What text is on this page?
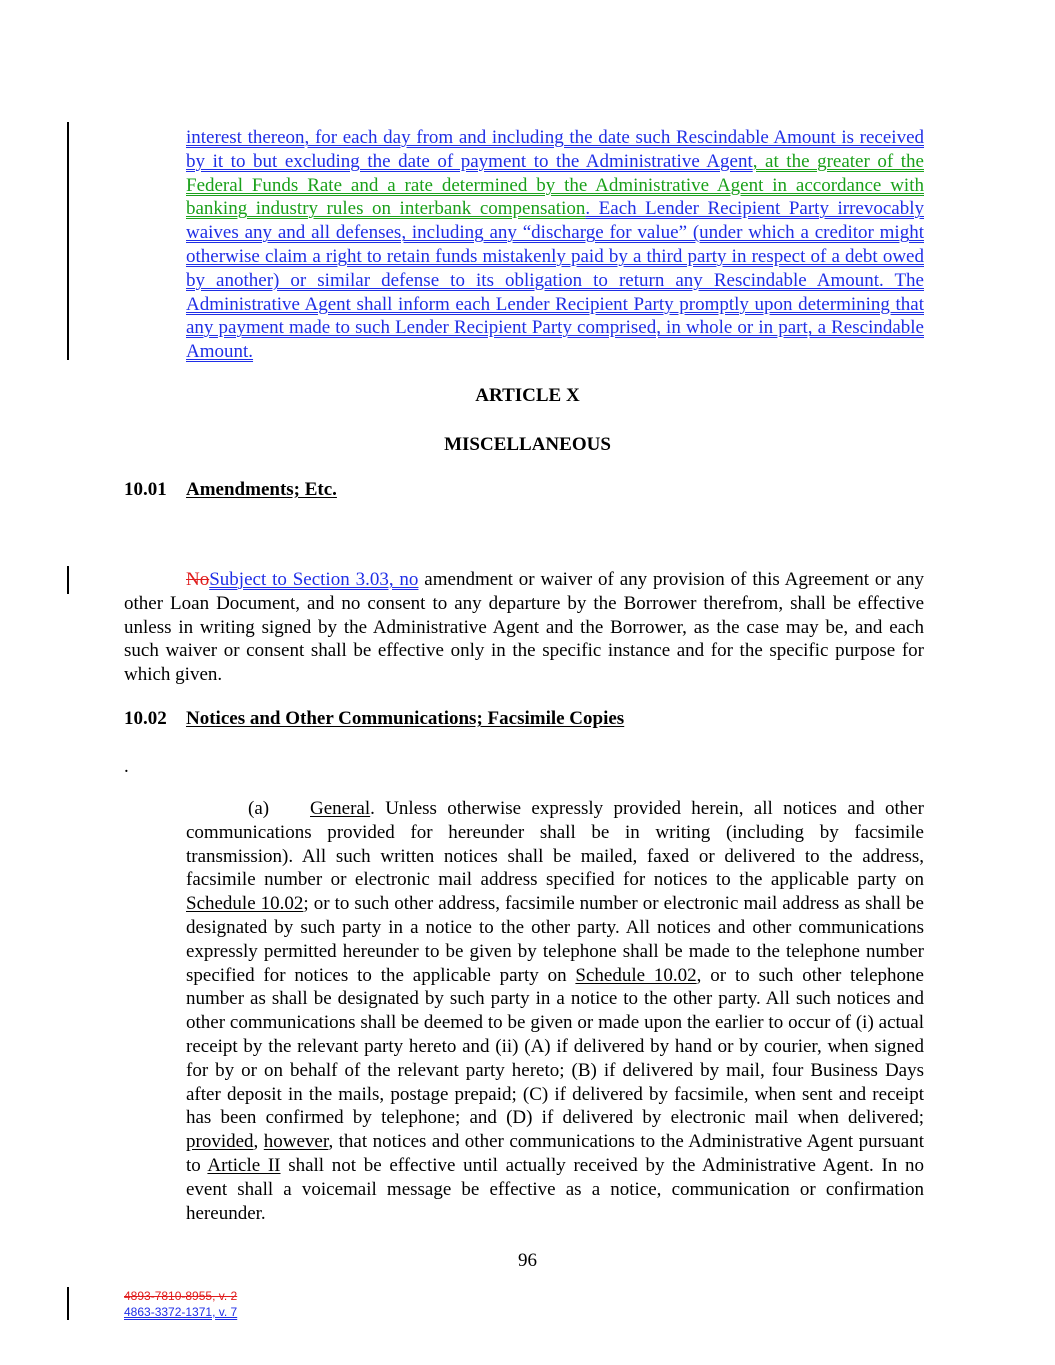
interest thereon, for each day from and including the date such Rescindable Amount is received by it to but excluding the date of payment to the Administrative Agent, at the greater of the Federal Funds Rate and a rate determined by the Administrative Agent in accordance with banking industry rules on interbank compensation. Each Lender Recipient Party irrevocably waives any and all defenses, including any “discharge for value” (under which a creditor might otherwise claim a right to retain funds mistakenly paid by a third party in respect of a debt owed by another) or similar defense to its obligation to return any Rescindable Amount. The Administrative Agent shall inform each Lender Recipient Party promptly upon determining that any payment made to such Lender Recipient Party comprised, in whole or in part, a Rescindable Amount.
ARTICLE X
MISCELLANEOUS
10.01 Amendments; Etc.
NoSubject to Section 3.03, no amendment or waiver of any provision of this Agreement or any other Loan Document, and no consent to any departure by the Borrower therefrom, shall be effective unless in writing signed by the Administrative Agent and the Borrower, as the case may be, and each such waiver or consent shall be effective only in the specific instance and for the specific purpose for which given.
10.02 Notices and Other Communications; Facsimile Copies
.
(a) General. Unless otherwise expressly provided herein, all notices and other communications provided for hereunder shall be in writing (including by facsimile transmission). All such written notices shall be mailed, faxed or delivered to the address, facsimile number or electronic mail address specified for notices to the applicable party on Schedule 10.02; or to such other address, facsimile number or electronic mail address as shall be designated by such party in a notice to the other party. All notices and other communications expressly permitted hereunder to be given by telephone shall be made to the telephone number specified for notices to the applicable party on Schedule 10.02, or to such other telephone number as shall be designated by such party in a notice to the other party. All such notices and other communications shall be deemed to be given or made upon the earlier to occur of (i) actual receipt by the relevant party hereto and (ii) (A) if delivered by hand or by courier, when signed for by or on behalf of the relevant party hereto; (B) if delivered by mail, four Business Days after deposit in the mails, postage prepaid; (C) if delivered by facsimile, when sent and receipt has been confirmed by telephone; and (D) if delivered by electronic mail when delivered; provided, however, that notices and other communications to the Administrative Agent pursuant to Article II shall not be effective until actually received by the Administrative Agent. In no event shall a voicemail message be effective as a notice, communication or confirmation hereunder.
96
4893-7810-8955, v. 2
4863-3372-1371, v. 7
